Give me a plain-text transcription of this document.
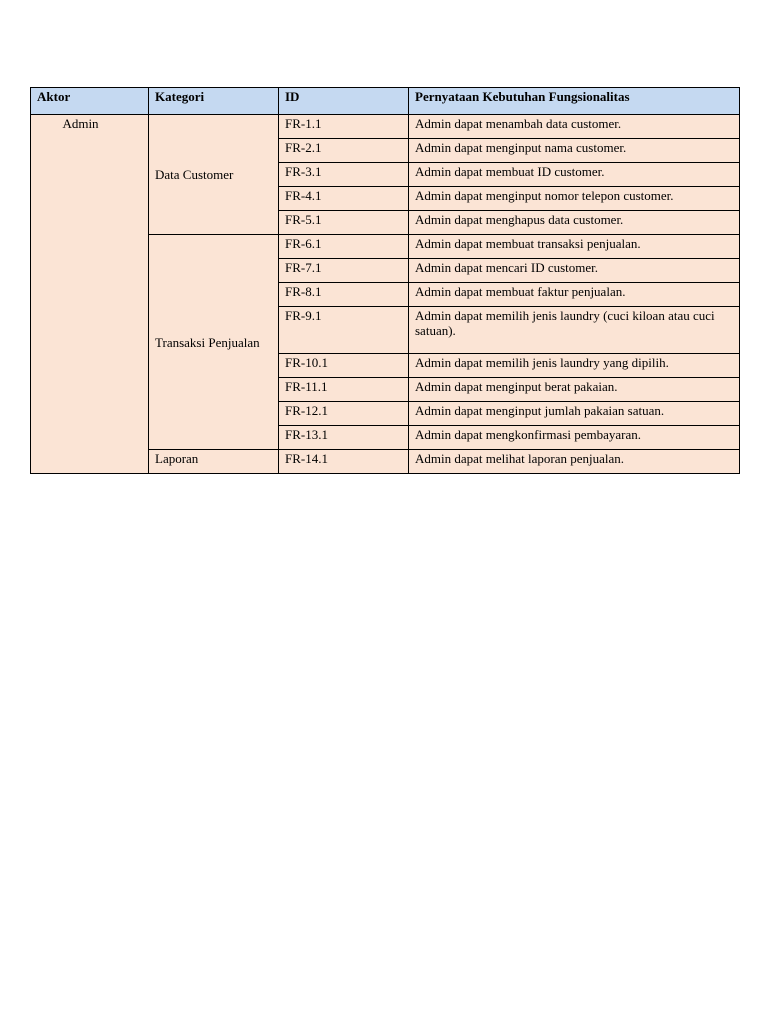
Aktor	Kategori	ID	Pernyataan Kebutuhan Fungsionalitas
Admin	Data Customer	FR-1.1	Admin dapat menambah data customer.
		FR-2.1	Admin dapat menginput nama customer.
		FR-3.1	Admin dapat membuat ID customer.
		FR-4.1	Admin dapat menginput nomor telepon customer.
		FR-5.1	Admin dapat menghapus data customer.
	Transaksi Penjualan	FR-6.1	Admin dapat membuat transaksi penjualan.
		FR-7.1	Admin dapat mencari ID customer.
		FR-8.1	Admin dapat membuat faktur penjualan.
		FR-9.1	Admin dapat memilih jenis laundry (cuci kiloan atau cuci satuan).
		FR-10.1	Admin dapat memilih jenis laundry yang dipilih.
		FR-11.1	Admin dapat menginput berat pakaian.
		FR-12.1	Admin dapat menginput jumlah pakaian satuan.
		FR-13.1	Admin dapat mengkonfirmasi pembayaran.
	Laporan	FR-14.1	Admin dapat melihat laporan penjualan.
